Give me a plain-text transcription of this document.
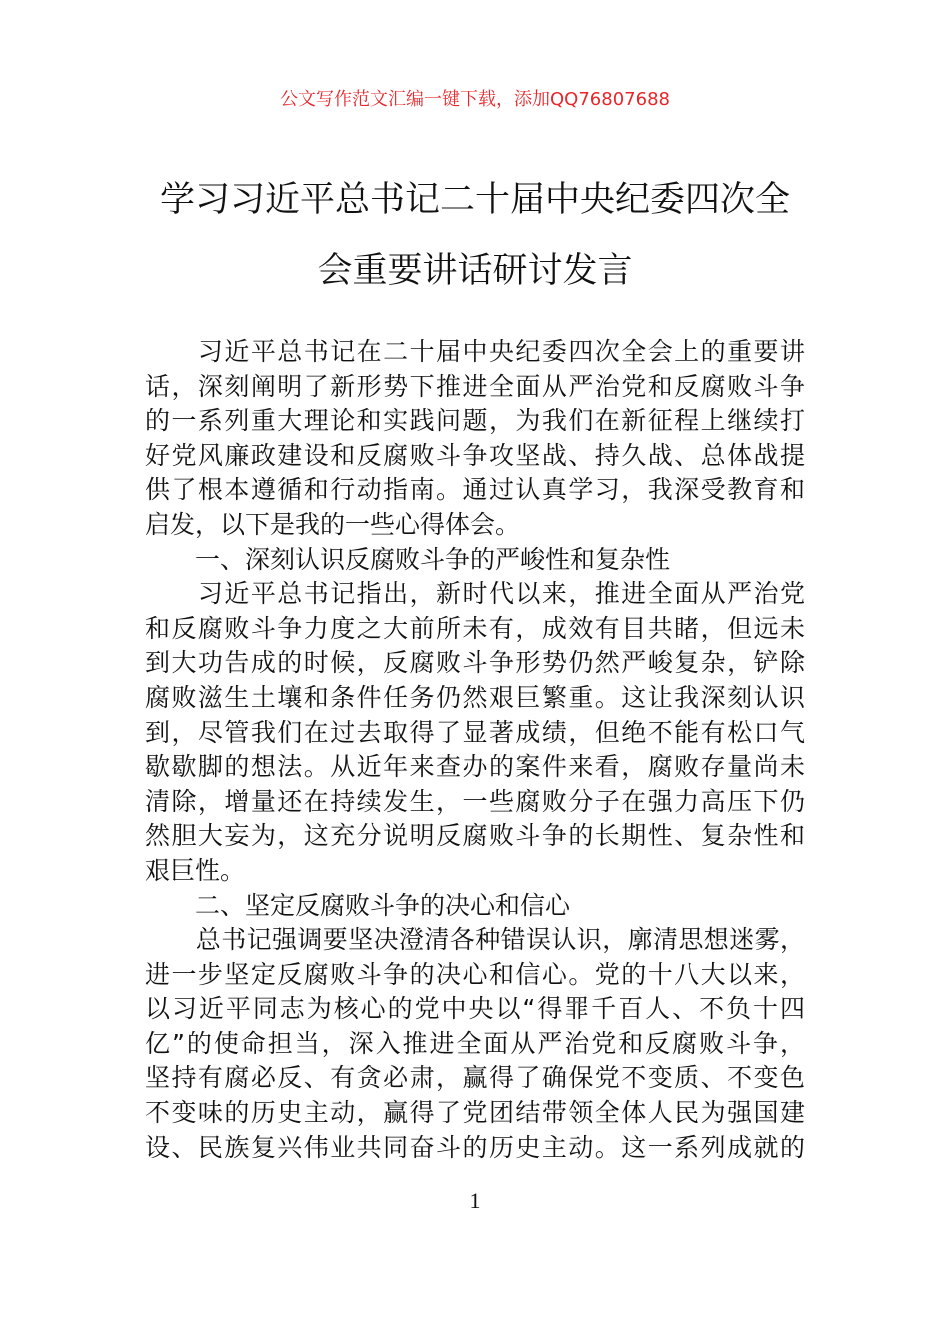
公文写作范文汇编一键下载，添加QQ76807688
学习习近平总书记二十届中央纪委四次全
会重要讲话研讨发言
　　习近平总书记在二十届中央纪委四次全会上的重要讲
话，深刻阐明了新形势下推进全面从严治党和反腐败斗争
的一系列重大理论和实践问题，为我们在新征程上继续打
好党风廉政建设和反腐败斗争攻坚战、持久战、总体战提
供了根本遵循和行动指南。通过认真学习，我深受教育和
启发，以下是我的一些心得体会。
　　一、深刻认识反腐败斗争的严峻性和复杂性
　　习近平总书记指出，新时代以来，推进全面从严治党
和反腐败斗争力度之大前所未有，成效有目共睹，但远未
到大功告成的时候，反腐败斗争形势仍然严峻复杂，铲除
腐败滋生土壤和条件任务仍然艰巨繁重。这让我深刻认识
到，尽管我们在过去取得了显著成绩，但绝不能有松口气
歇歇脚的想法。从近年来查办的案件来看，腐败存量尚未
清除，增量还在持续发生，一些腐败分子在强力高压下仍
然胆大妄为，这充分说明反腐败斗争的长期性、复杂性和
艰巨性。
　　二、坚定反腐败斗争的决心和信心
　　总书记强调要坚决澄清各种错误认识，廓清思想迷雾，
进一步坚定反腐败斗争的决心和信心。党的十八大以来，
以习近平同志为核心的党中央以“得罪千百人、不负十四
亿”的使命担当，深入推进全面从严治党和反腐败斗争，
坚持有腐必反、有贪必肃，赢得了确保党不变质、不变色
不变味的历史主动，赢得了党团结带领全体人民为强国建
设、民族复兴伟业共同奋斗的历史主动。这一系列成就的
1
